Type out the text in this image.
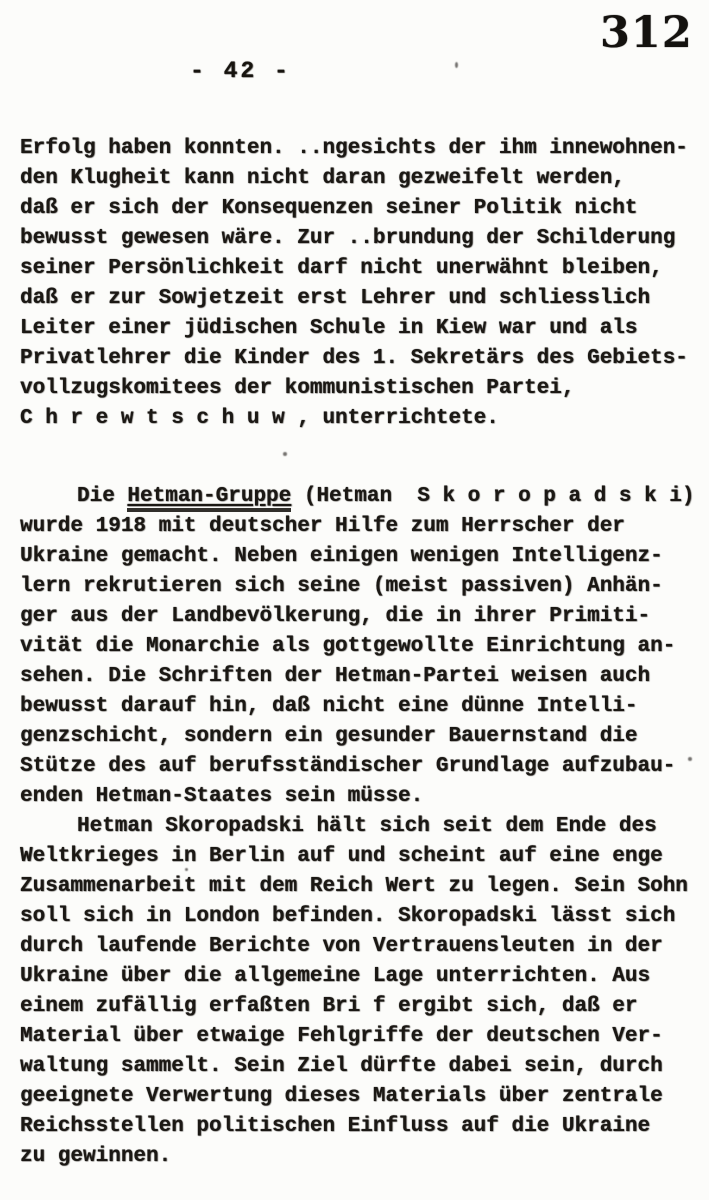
312
- 42 -
Erfolg haben konnten. ..ngesichts der ihm innewohnen-
den Klugheit kann nicht daran gezweifelt werden,
daß er sich der Konsequenzen seiner Politik nicht
bewusst gewesen wäre. Zur ..brundung der Schilderung
seiner Persönlichkeit darf nicht unerwähnt bleiben,
daß er zur Sowjetzeit erst Lehrer und schliesslich
Leiter einer jüdischen Schule in Kiew war und als
Privatlehrer die Kinder des 1. Sekretärs des Gebiets-
vollzugskomitees der kommunistischen Partei,
C h r e w t s c h u w , unterrichtete.
Die Hetman-Gruppe (Hetman  S k o r o p a d s k i)
wurde 1918 mit deutscher Hilfe zum Herrscher der
Ukraine gemacht. Neben einigen wenigen Intelligenz-
lern rekrutieren sich seine (meist passiven) Anhän-
ger aus der Landbevölkerung, die in ihrer Primiti-
vität die Monarchie als gottgewollte Einrichtung an-
sehen. Die Schriften der Hetman-Partei weisen auch
bewusst darauf hin, daß nicht eine dünne Intelli-
genzschicht, sondern ein gesunder Bauernstand die
Stütze des auf berufsständischer Grundlage aufzubau-
enden Hetman-Staates sein müsse.
Hetman Skoropadski hält sich seit dem Ende des
Weltkrieges in Berlin auf und scheint auf eine enge
Zusammenarbeit mit dem Reich Wert zu legen. Sein Sohn
soll sich in London befinden. Skoropadski lässt sich
durch laufende Berichte von Vertrauensleuten in der
Ukraine über die allgemeine Lage unterrichten. Aus
einem zufällig erfaßten Bri f ergibt sich, daß er
Material über etwaige Fehlgriffe der deutschen Ver-
waltung sammelt. Sein Ziel dürfte dabei sein, durch
geeignete Verwertung dieses Materials über zentrale
Reichsstellen politischen Einfluss auf die Ukraine
zu gewinnen.
